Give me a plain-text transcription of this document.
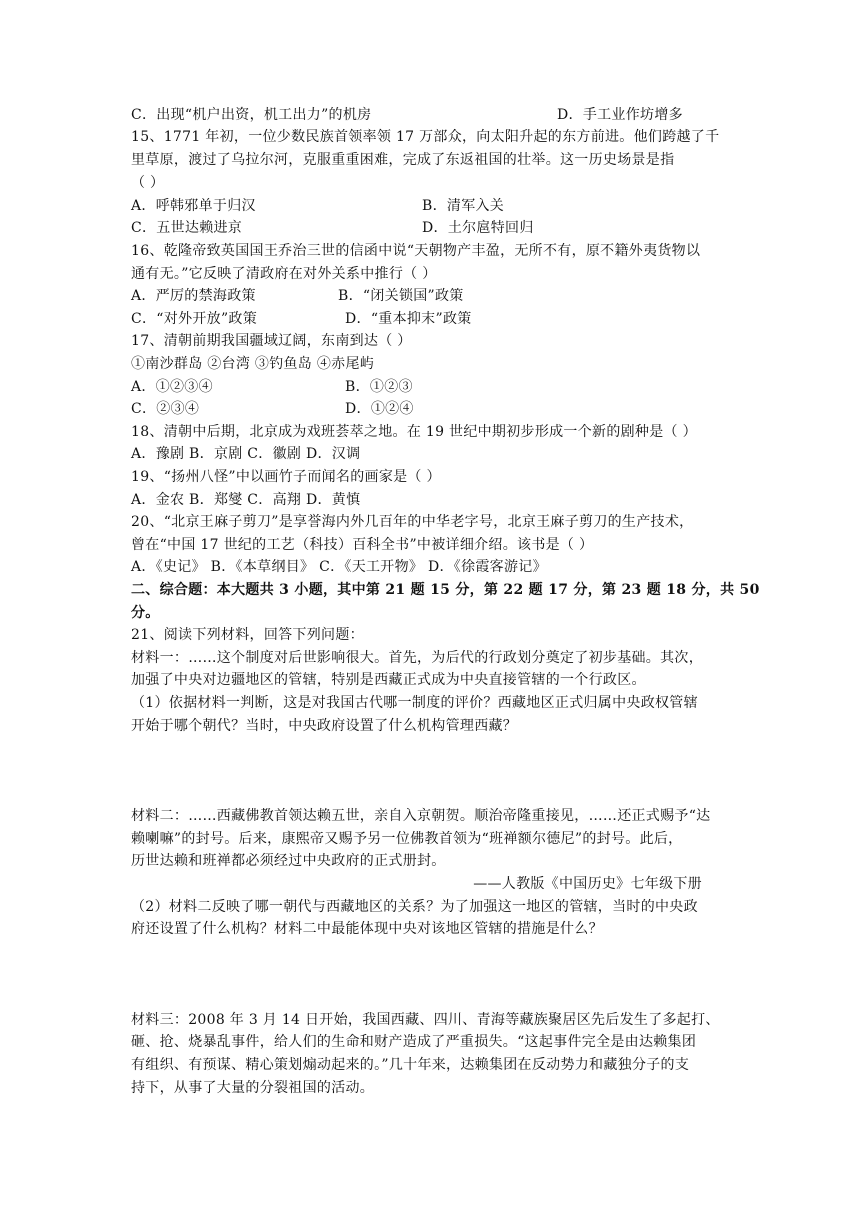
C．出现“机户出资，机工出力”的机房	D．手工业作坊增多
15、1771 年初，一位少数民族首领率领 17 万部众，向太阳升起的东方前进。他们跨越了千
里草原，渡过了乌拉尔河，克服重重困难，完成了东返祖国的壮举。这一历史场景是指
（ ）
A．呼韩邪单于归汉	B．清军入关
C．五世达赖进京	D．土尔扈特回归
16、乾隆帝致英国国王乔治三世的信函中说“天朝物产丰盈，无所不有，原不籍外夷货物以
通有无。”它反映了清政府在对外关系中推行（ ）
A．严厉的禁海政策	B．“闭关锁国”政策
C．“对外开放”政策	D．“重本抑末”政策
17、清朝前期我国疆域辽阔，东南到达（ ）
①南沙群岛 ②台湾 ③钓鱼岛 ④赤尾屿
A．①②③④	B．①②③
C．②③④	D．①②④
18、清朝中后期，北京成为戏班荟萃之地。在 19 世纪中期初步形成一个新的剧种是（ ）
A．豫剧 B．京剧 C．徽剧 D．汉调
19、“扬州八怪”中以画竹子而闻名的画家是（ ）
A．金农 B．郑燮 C．高翔 D．黄慎
20、“北京王麻子剪刀”是享誉海内外几百年的中华老字号，北京王麻子剪刀的生产技术，
曾在“中国 17 世纪的工艺（科技）百科全书”中被详细介绍。该书是（ ）
A．《史记》 B．《本草纲目》 C．《天工开物》 D．《徐霞客游记》
二、综合题：本大题共 3 小题，其中第 21 题 15 分，第 22 题 17 分，第 23 题 18 分，共 50
分。
21、阅读下列材料，回答下列问题：
材料一：……这个制度对后世影响很大。首先，为后代的行政划分奠定了初步基础。其次，
加强了中央对边疆地区的管辖，特别是西藏正式成为中央直接管辖的一个行政区。
（1）依据材料一判断，这是对我国古代哪一制度的评价？西藏地区正式归属中央政权管辖
开始于哪个朝代？当时，中央政府设置了什么机构管理西藏？
材料二：……西藏佛教首领达赖五世，亲自入京朝贺。顺治帝隆重接见，……还正式赐予“达
赖喇嘛”的封号。后来，康熙帝又赐予另一位佛教首领为“班禅额尔德尼”的封号。此后，
历世达赖和班禅都必须经过中央政府的正式册封。
——人教版《中国历史》七年级下册
（2）材料二反映了哪一朝代与西藏地区的关系？为了加强这一地区的管辖，当时的中央政
府还设置了什么机构？材料二中最能体现中央对该地区管辖的措施是什么？
材料三：2008 年 3 月 14 日开始，我国西藏、四川、青海等藏族聚居区先后发生了多起打、
砸、抢、烧暴乱事件，给人们的生命和财产造成了严重损失。“这起事件完全是由达赖集团
有组织、有预谋、精心策划煽动起来的。”几十年来，达赖集团在反动势力和藏独分子的支
持下，从事了大量的分裂祖国的活动。
